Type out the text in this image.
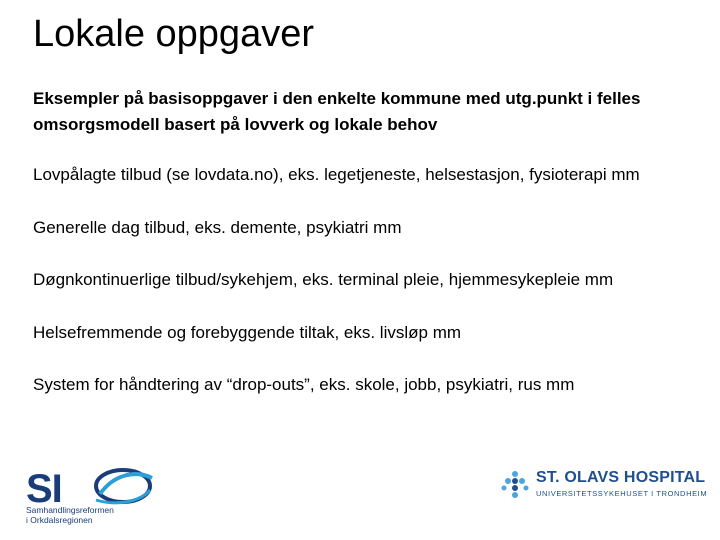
Lokale oppgaver

Eksempler på basisoppgaver i den enkelte kommune med utg.punkt i felles omsorgsmodell basert på lovverk og lokale behov

Lovpålagte tilbud (se lovdata.no), eks. legetjeneste, helsestasjon, fysioterapi mm
Generelle dag tilbud, eks. demente, psykiatri mm
Døgnkontinuerlige tilbud/sykehjem, eks. terminal pleie, hjemmesykepleie mm
Helsefremmende og forebyggende tiltak, eks. livsløp mm
System for håndtering av “drop-outs”, eks. skole, jobb, psykiatri, rus mm
SI
Samhandlingsreformen
i Orkdalsregionen
ST. OLAVS HOSPITAL
UNIVERSITETSSYKEHUSET I TRONDHEIM
